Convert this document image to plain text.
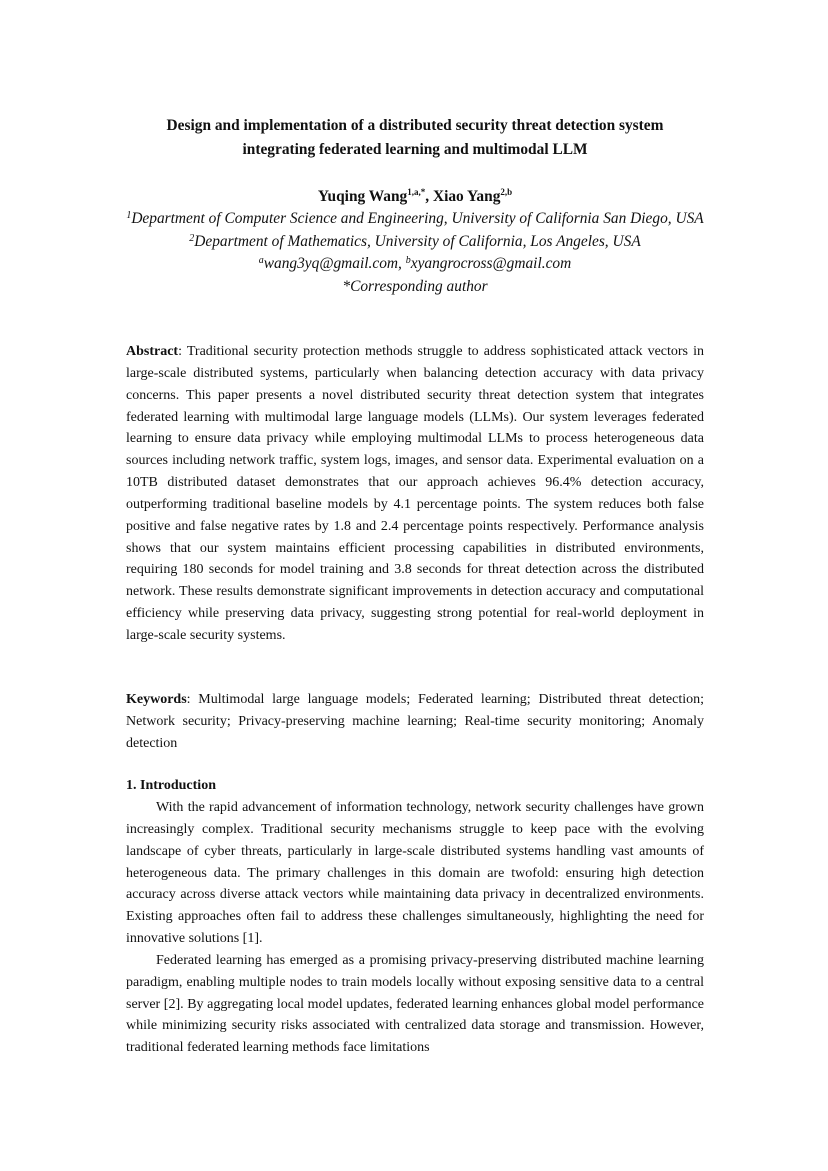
Design and implementation of a distributed security threat detection system
integrating federated learning and multimodal LLM
Yuqing Wang$^{1,a,*}$, Xiao Yang$^{2,b}$
$^1$Department of Computer Science and Engineering, University of California San Diego, USA
$^2$Department of Mathematics, University of California, Los Angeles, USA
$^a$wang3yq@gmail.com, $^b$xyangrocross@gmail.com
*Corresponding author
Abstract: Traditional security protection methods struggle to address sophisticated attack vectors in large-scale distributed systems, particularly when balancing detection accuracy with data privacy concerns. This paper presents a novel distributed security threat detection system that integrates federated learning with multimodal large language models (LLMs). Our system leverages federated learning to ensure data privacy while employing multimodal LLMs to process heterogeneous data sources including network traffic, system logs, images, and sensor data. Experimental evaluation on a 10TB distributed dataset demonstrates that our approach achieves 96.4% detection accuracy, outperforming traditional baseline models by 4.1 percentage points. The system reduces both false positive and false negative rates by 1.8 and 2.4 percentage points respectively. Performance analysis shows that our system maintains efficient processing capabilities in distributed environments, requiring 180 seconds for model training and 3.8 seconds for threat detection across the distributed network. These results demonstrate significant improvements in detection accuracy and computational efficiency while preserving data privacy, suggesting strong potential for real-world deployment in large-scale security systems.
Keywords: Multimodal large language models; Federated learning; Distributed threat detection; Network security; Privacy-preserving machine learning; Real-time security monitoring; Anomaly detection
1. Introduction

With the rapid advancement of information technology, network security challenges have grown increasingly complex. Traditional security mechanisms struggle to keep pace with the evolving landscape of cyber threats, particularly in large-scale distributed systems handling vast amounts of heterogeneous data. The primary challenges in this domain are twofold: ensuring high detection accuracy across diverse attack vectors while maintaining data privacy in decentralized environments. Existing approaches often fail to address these challenges simultaneously, highlighting the need for innovative solutions [1].

Federated learning has emerged as a promising privacy-preserving distributed machine learning paradigm, enabling multiple nodes to train models locally without exposing sensitive data to a central server [2]. By aggregating local model updates, federated learning enhances global model performance while minimizing security risks associated with centralized data storage and transmission. However, traditional federated learning methods face limitations
